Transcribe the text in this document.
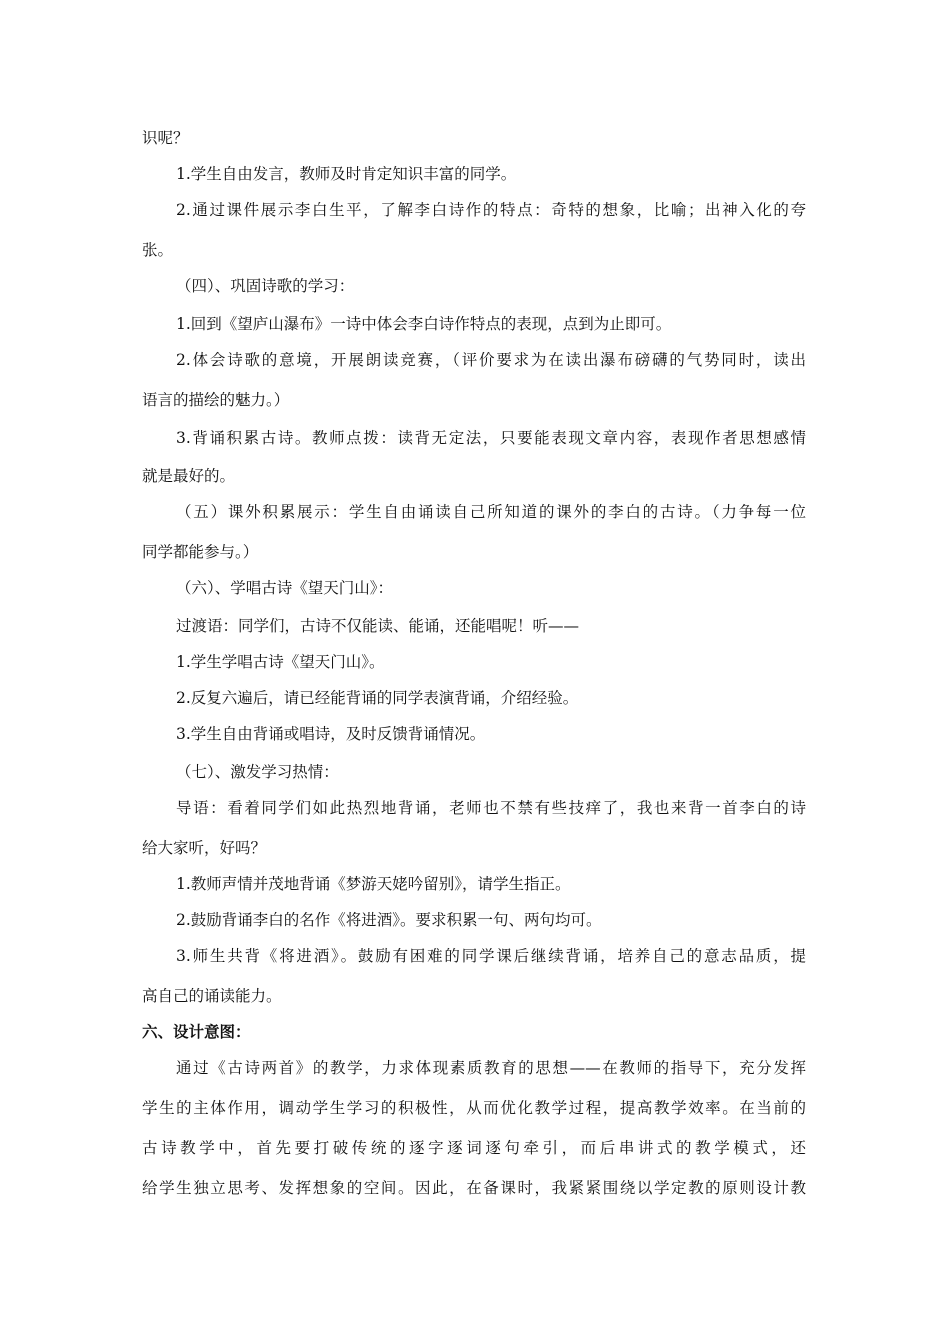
识呢？
1.学生自由发言，教师及时肯定知识丰富的同学。
2.通过课件展示李白生平，了解李白诗作的特点：奇特的想象，比喻；出神入化的夸
张。
（四）、巩固诗歌的学习：
1.回到《望庐山瀑布》一诗中体会李白诗作特点的表现，点到为止即可。
2.体会诗歌的意境，开展朗读竞赛，（评价要求为在读出瀑布磅礴的气势同时，读出
语言的描绘的魅力。）
3.背诵积累古诗。教师点拨：读背无定法，只要能表现文章内容，表现作者思想感情
就是最好的。
（五）课外积累展示：学生自由诵读自己所知道的课外的李白的古诗。（力争每一位
同学都能参与。）
（六）、学唱古诗《望天门山》：
过渡语：同学们，古诗不仅能读、能诵，还能唱呢！听——
1.学生学唱古诗《望天门山》。
2.反复六遍后，请已经能背诵的同学表演背诵，介绍经验。
3.学生自由背诵或唱诗，及时反馈背诵情况。
（七）、激发学习热情：
导语：看着同学们如此热烈地背诵，老师也不禁有些技痒了，我也来背一首李白的诗
给大家听，好吗？
1.教师声情并茂地背诵《梦游天姥吟留别》，请学生指正。
2.鼓励背诵李白的名作《将进酒》。要求积累一句、两句均可。
3.师生共背《将进酒》。鼓励有困难的同学课后继续背诵，培养自己的意志品质，提
高自己的诵读能力。
六、设计意图：
通过《古诗两首》的教学，力求体现素质教育的思想——在教师的指导下，充分发挥
学生的主体作用，调动学生学习的积极性，从而优化教学过程，提高教学效率。在当前的
古诗教学中，首先要打破传统的逐字逐词逐句牵引，而后串讲式的教学模式，还
给学生独立思考、发挥想象的空间。因此，在备课时，我紧紧围绕以学定教的原则设计教
